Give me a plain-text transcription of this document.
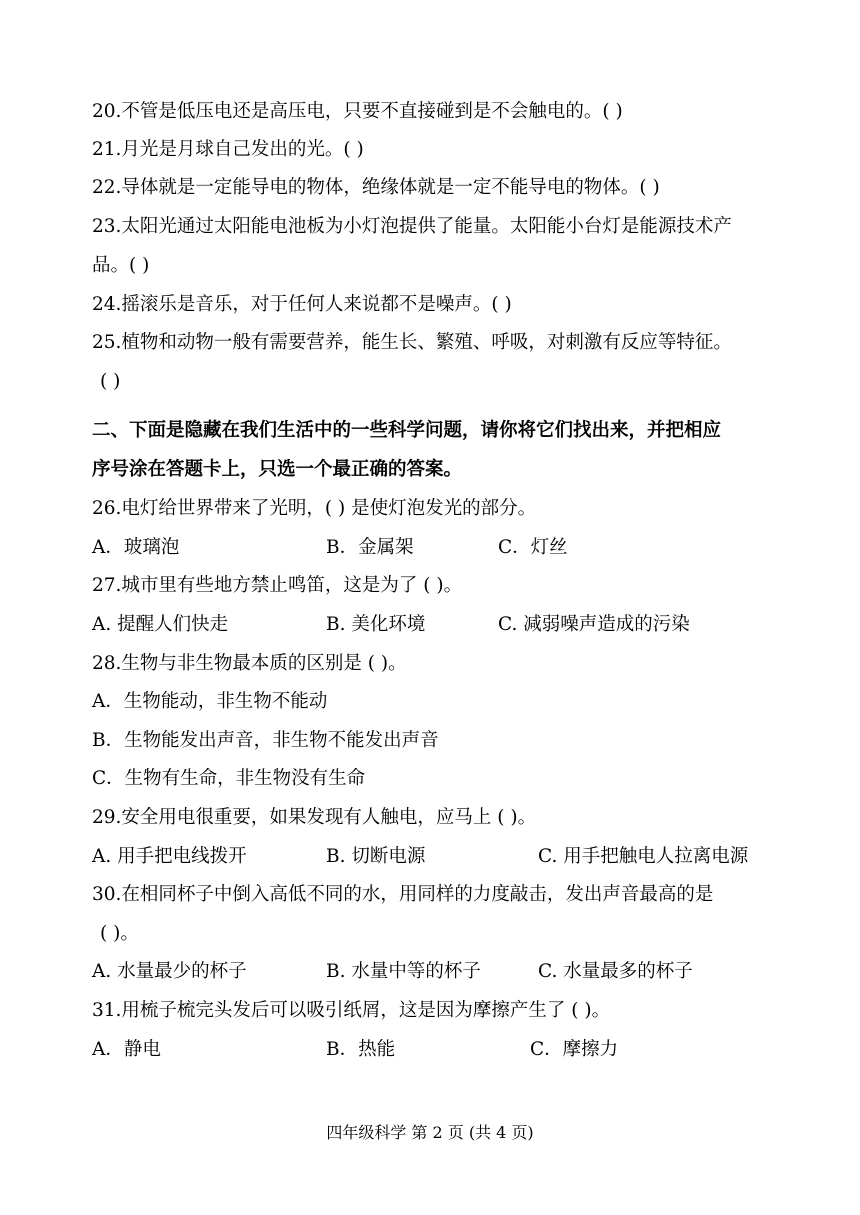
20.不管是低压电还是高压电，只要不直接碰到是不会触电的。( )
21.月光是月球自己发出的光。( )
22.导体就是一定能导电的物体，绝缘体就是一定不能导电的物体。( )
23.太阳光通过太阳能电池板为小灯泡提供了能量。太阳能小台灯是能源技术产
品。( )
24.摇滚乐是音乐，对于任何人来说都不是噪声。( )
25.植物和动物一般有需要营养，能生长、繁殖、呼吸，对刺激有反应等特征。
( )
二、下面是隐藏在我们生活中的一些科学问题，请你将它们找出来，并把相应
序号涂在答题卡上，只选一个最正确的答案。
26.电灯给世界带来了光明，( ) 是使灯泡发光的部分。
A．玻璃泡	B．金属架	C．灯丝
27.城市里有些地方禁止鸣笛，这是为了 ( )。
A. 提醒人们快走	B. 美化环境	C. 减弱噪声造成的污染
28.生物与非生物最本质的区别是 ( )。
A．生物能动，非生物不能动
B．生物能发出声音，非生物不能发出声音
C．生物有生命，非生物没有生命
29.安全用电很重要，如果发现有人触电，应马上 ( )。
A. 用手把电线拨开	B. 切断电源	C. 用手把触电人拉离电源
30.在相同杯子中倒入高低不同的水，用同样的力度敲击，发出声音最高的是
( )。
A. 水量最少的杯子	B. 水量中等的杯子	C. 水量最多的杯子
31.用梳子梳完头发后可以吸引纸屑，这是因为摩擦产生了 ( )。
A．静电	B．热能	C．摩擦力
四年级科学 第 2 页 (共 4 页)
